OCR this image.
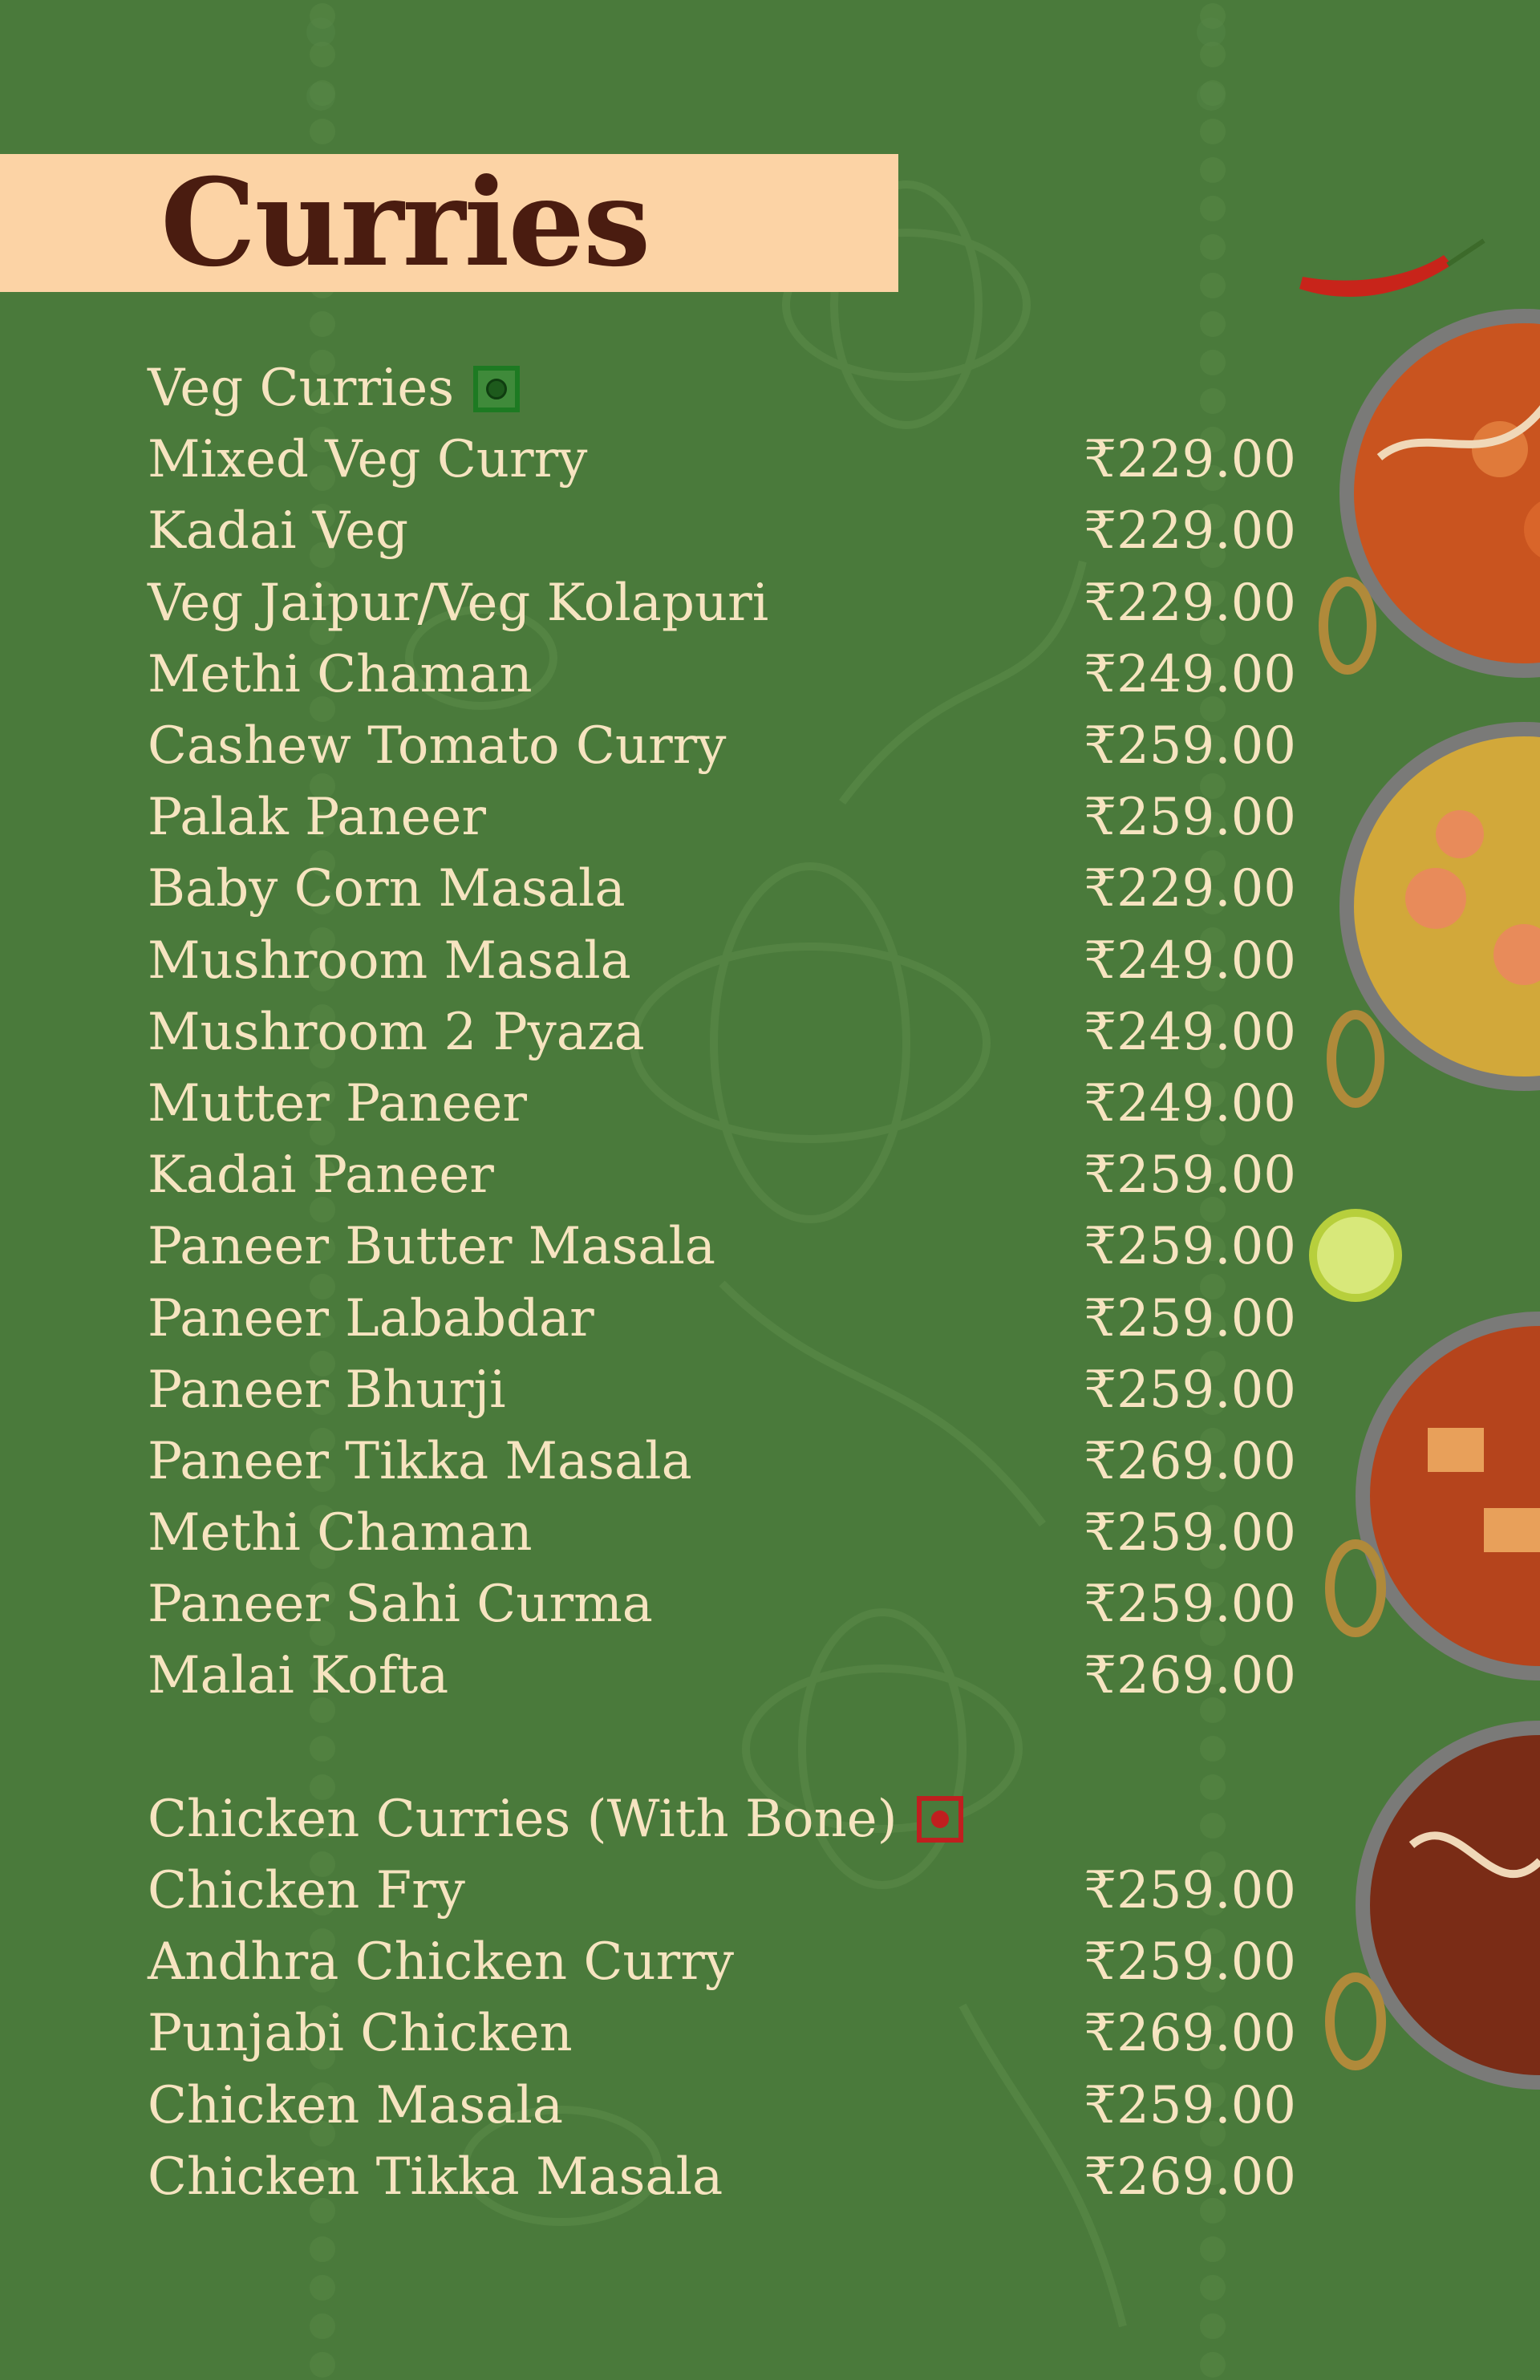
Curries
Veg Curries
Mixed Veg Curry	₹229.00
Kadai Veg	₹229.00
Veg Jaipur/Veg Kolapuri	₹229.00
Methi Chaman	₹249.00
Cashew Tomato Curry	₹259.00
Palak Paneer	₹259.00
Baby Corn Masala	₹229.00
Mushroom Masala	₹249.00
Mushroom 2 Pyaza	₹249.00
Mutter Paneer	₹249.00
Kadai Paneer	₹259.00
Paneer Butter Masala	₹259.00
Paneer Lababdar	₹259.00
Paneer Bhurji	₹259.00
Paneer Tikka Masala	₹269.00
Methi Chaman	₹259.00
Paneer Sahi Curma	₹259.00
Malai Kofta	₹269.00
Chicken Curries (With Bone)
Chicken Fry	₹259.00
Andhra Chicken Curry	₹259.00
Punjabi Chicken	₹269.00
Chicken Masala	₹259.00
Chicken Tikka Masala	₹269.00
